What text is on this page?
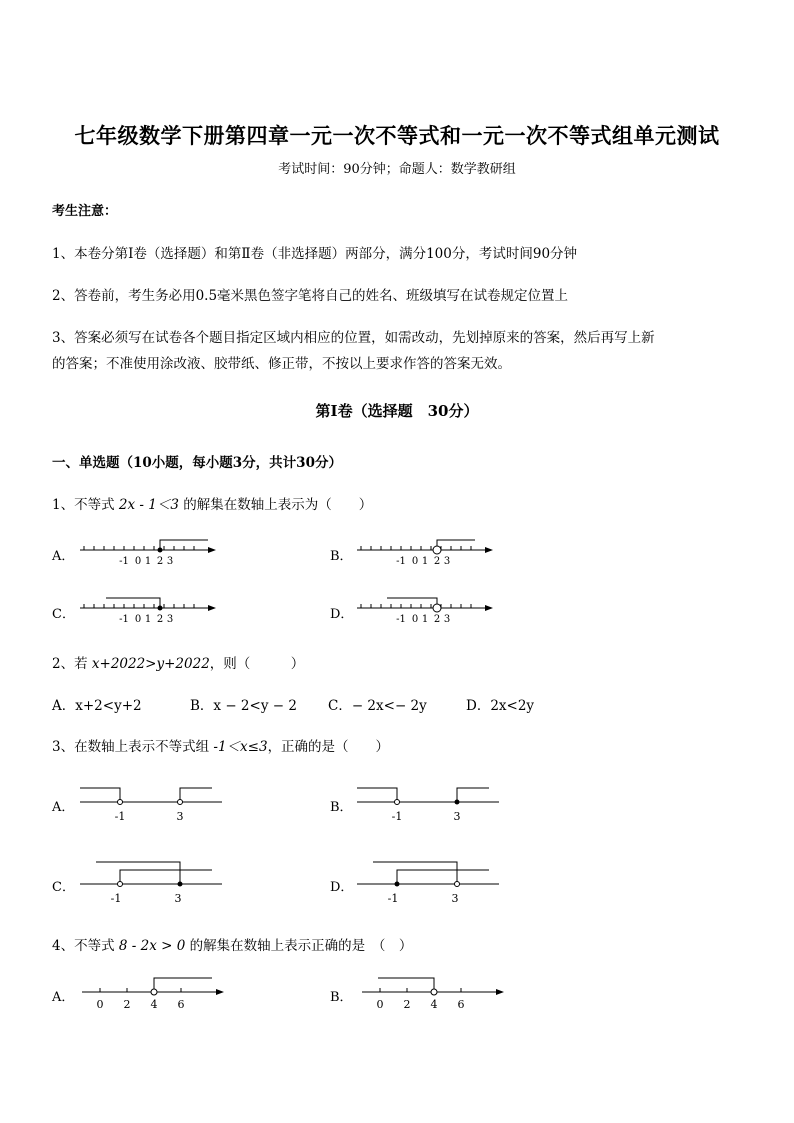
七年级数学下册第四章一元一次不等式和一元一次不等式组单元测试
考试时间：90分钟；命题人：数学教研组
考生注意：
1、本卷分第Ⅰ卷（选择题）和第Ⅱ卷（非选择题）两部分，满分100分，考试时间90分钟
2、答卷前，考生务必用0.5毫米黑色签字笔将自己的姓名、班级填写在试卷规定位置上
3、答案必须写在试卷各个题目指定区域内相应的位置，如需改动，先划掉原来的答案，然后再写上新
的答案；不准使用涂改液、胶带纸、修正带，不按以上要求作答的答案无效。
第Ⅰ卷（选择题　30分）
一、单选题（10小题，每小题3分，共计30分）
1、不等式 2x - 1＜3 的解集在数轴上表示为（　　）
A．	B．
C．	D．
-1 0 1 2 3	-1 0 1 2 3
-1 0 1 2 3	-1 0 1 2 3
2、若 x+2022>y+2022，则（　　　）
A．x+2<y+2	B．x − 2<y − 2 C．− 2x<− 2y	D．2x<2y
3、在数轴上表示不等式组 -1＜x≤3，正确的是（　　）
A．	B．
C．	D．
-1	3	-1	3
-1	3	-1	3
4、不等式 8 - 2x > 0 的解集在数轴上表示正确的是　（　）
A．	B．
0 2 4 6	0 2 4 6
